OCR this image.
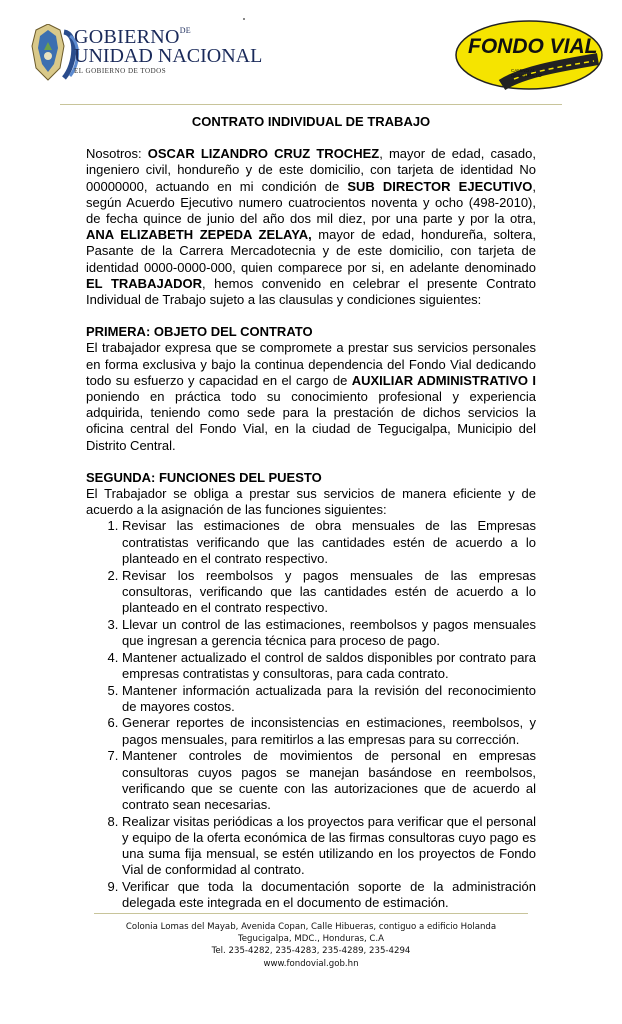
$GOBIERNO^{DE}$
UNIDAD NACIONAL
EL GOBIERNO DE TODOS
FONDO VIAL
CAMINO AL
DESARROLLO
CONTRATO INDIVIDUAL DE TRABAJO

Nosotros: OSCAR LIZANDRO CRUZ TROCHEZ, mayor de edad, casado, ingeniero civil, hondureño y de este domicilio, con tarjeta de identidad No 00000000, actuando en mi condición de SUB DIRECTOR EJECUTIVO, según Acuerdo Ejecutivo numero cuatrocientos noventa y ocho (498-2010), de fecha quince de junio del año dos mil diez, por una parte y por la otra, ANA ELIZABETH ZEPEDA ZELAYA, mayor de edad, hondureña, soltera, Pasante de la Carrera Mercadotecnia y de este domicilio, con tarjeta de identidad 0000-0000-000, quien comparece por si, en adelante denominado EL TRABAJADOR, hemos convenido en celebrar el presente Contrato Individual de Trabajo sujeto a las clausulas y condiciones siguientes:

PRIMERA: OBJETO DEL CONTRATO

El trabajador expresa que se compromete a prestar sus servicios personales en forma exclusiva y bajo la continua dependencia del Fondo Vial dedicando todo su esfuerzo y capacidad en el cargo de AUXILIAR ADMINISTRATIVO I poniendo en práctica todo su conocimiento profesional y experiencia adquirida, teniendo como sede para la prestación de dichos servicios la oficina central del Fondo Vial, en la ciudad de Tegucigalpa, Municipio del Distrito Central.

SEGUNDA: FUNCIONES DEL PUESTO

El Trabajador se obliga a prestar sus servicios de manera eficiente y de acuerdo a la asignación de las funciones siguientes:

1. Revisar las estimaciones de obra mensuales de las Empresas contratistas verificando que las cantidades estén de acuerdo a lo planteado en el contrato respectivo.
2. Revisar los reembolsos y pagos mensuales de las empresas consultoras, verificando que las cantidades estén de acuerdo a lo planteado en el contrato respectivo.
3. Llevar un control de las estimaciones, reembolsos y pagos mensuales que ingresan a gerencia técnica para proceso de pago.
4. Mantener actualizado el control de saldos disponibles por contrato para empresas contratistas y consultoras, para cada contrato.
5. Mantener información actualizada para la revisión del reconocimiento de mayores costos.
6. Generar reportes de inconsistencias en estimaciones, reembolsos, y pagos mensuales, para remitirlos a las empresas para su corrección.
7. Mantener controles de movimientos de personal en empresas consultoras cuyos pagos se manejan basándose en reembolsos, verificando que se cuente con las autorizaciones que de acuerdo al contrato sean necesarias.
8. Realizar visitas periódicas a los proyectos para verificar que el personal y equipo de la oferta económica de las firmas consultoras cuyo pago es una suma fija mensual, se estén utilizando en los proyectos de Fondo Vial de conformidad al contrato.
9. Verificar que toda la documentación soporte de la administración delegada este integrada en el documento de estimación.
Colonia Lomas del Mayab, Avenida Copan, Calle Hibueras, contiguo a edificio Holanda
Tegucigalpa, MDC., Honduras, C.A
Tel. 235-4282, 235-4283, 235-4289, 235-4294
www.fondovial.gob.hn
